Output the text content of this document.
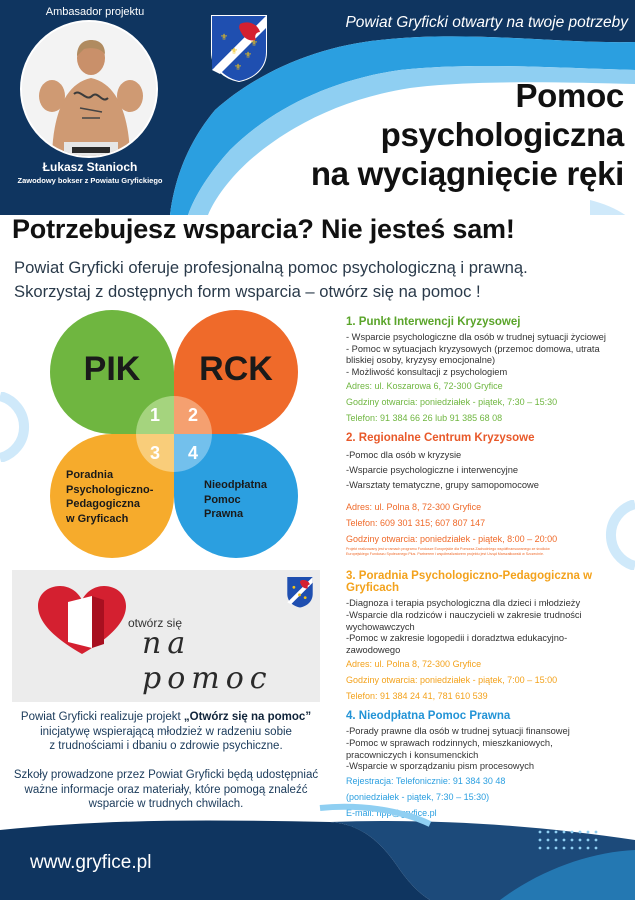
Ambasador projektu
Łukasz Stanioch
Zawodowy bokser z Powiatu Gryfickiego
⚜
⚜ ⚜
⚜
⚜
Powiat Gryficki otwarty na twoje potrzeby
Pomoc
psychologiczna
na wyciągnięcie ręki
Potrzebujesz wsparcia? Nie jesteś sam!
Powiat Gryficki oferuje profesjonalną pomoc psychologiczną i prawną.
Skorzystaj z dostępnych form wsparcia – otwórz się na pomoc !
PIK	RCK
Poradnia
Psychologiczno-
Pedagogiczna
w Gryficach
Nieodpłatna
Pomoc
Prawna
1	2
3	4
otwórz się
na pomoc
Powiat Gryficki realizuje projekt „Otwórz się na pomoc”
inicjatywę wspierającą młodzież w radzeniu sobie
z trudnościami i dbaniu o zdrowie psychiczne.
Szkoły prowadzone przez Powiat Gryficki będą udostępniać
ważne informacje oraz materiały, które pomogą znaleźć
wsparcie w trudnych chwilach.
1. Punkt Interwencji Kryzysowej
- Wsparcie psychologiczne dla osób w trudnej sytuacji życiowej
- Pomoc w sytuacjach kryzysowych (przemoc domowa, utrata
bliskiej osoby, kryzysy emocjonalne)
- Możliwość konsultacji z psychologiem
Adres: ul. Koszarowa 6, 72-300 Gryfice
Godziny otwarcia: poniedziałek - piątek, 7:30 – 15:30
Telefon: 91 384 66 26 lub 91 385 68 08
2. Regionalne Centrum Kryzysowe
-Pomoc dla osób w kryzysie
-Wsparcie psychologiczne i interwencyjne
-Warsztaty tematyczne, grupy samopomocowe
Adres: ul. Polna 8, 72-300 Gryfice
Telefon: 609 301 315; 607 807 147
Godziny otwarcia: poniedziałek - piątek, 8:00 – 20:00
Projekt realizowany jest w ramach programu Fundusze Europejskie dla Pomorza Zachodniego współfinansowanego ze środków
Europejskiego Funduszu Społecznego Plus. Partnerem i współrealizatorem projektu jest Urząd Marszałkowski w Szczecinie.
3. Poradnia Psychologiczno-Pedagogiczna w
Gryficach
-Diagnoza i terapia psychologiczna dla dzieci i młodzieży
-Wsparcie dla rodziców i nauczycieli w zakresie trudności
wychowawczych
-Pomoc w zakresie logopedii i doradztwa edukacyjno-
zawodowego
Adres: ul. Polna 8, 72-300 Gryfice
Godziny otwarcia: poniedziałek - piątek, 7:00 – 15:00
Telefon: 91 384 24 41, 781 610 539
4. Nieodpłatna Pomoc Prawna
-Porady prawne dla osób w trudnej sytuacji finansowej
-Pomoc w sprawach rodzinnych, mieszkaniowych,
pracowniczych i konsumenckich
-Wsparcie w sporządzaniu pism procesowych
Rejestracja: Telefonicznie: 91 384 30 48
(poniedziałek - piątek, 7:30 – 15:30)
E-mail: npp@gryfice.pl
www.gryfice.pl
